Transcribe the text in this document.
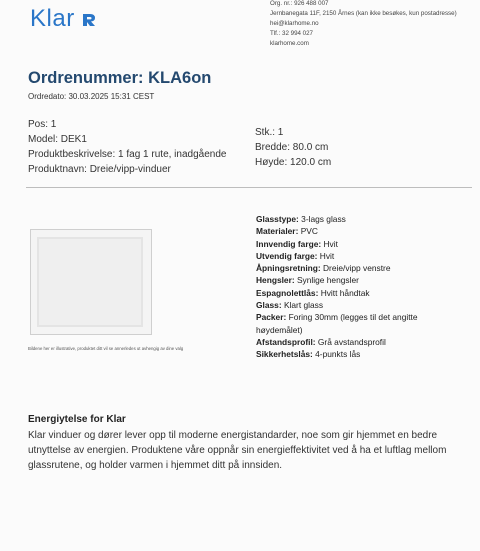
Klar
Org. nr.: 926 488 007
Jernbanegata 11F, 2150 Årnes (kan ikke besøkes, kun postadresse)
hei@klarhome.no
Tlf.: 32 994 027
klarhome.com
Ordrenummer: KLA6on
Ordredato: 30.03.2025 15:31 CEST
Pos: 1
Model: DEK1
Produktbeskrivelse: 1 fag 1 rute, inadgående
Produktnavn: Dreie/vipp-vinduer
Stk.: 1
Bredde: 80.0 cm
Høyde: 120.0 cm
Bildene her er illustrative, produktet ditt vil se annerledes ut avhengig av dine valg
Glasstype: 3-lags glass
Materialer: PVC
Innvendig farge: Hvit
Utvendig farge: Hvit
Åpningsretning: Dreie/vipp venstre
Hengsler: Synlige hengsler
Espagnolettlås: Hvitt håndtak
Glass: Klart glass
Packer: Foring 30mm (legges til det angitte
høydemålet)
Afstandsprofil: Grå avstandsprofil
Sikkerhetslås: 4-punkts lås
Energiytelse for Klar
Klar vinduer og dører lever opp til moderne energistandarder, noe som gir hjemmet en bedre utnyttelse av energien. Produktene våre oppnår sin energieffektivitet ved å ha et luftlag mellom glassrutene, og holder varmen i hjemmet ditt på innsiden.
